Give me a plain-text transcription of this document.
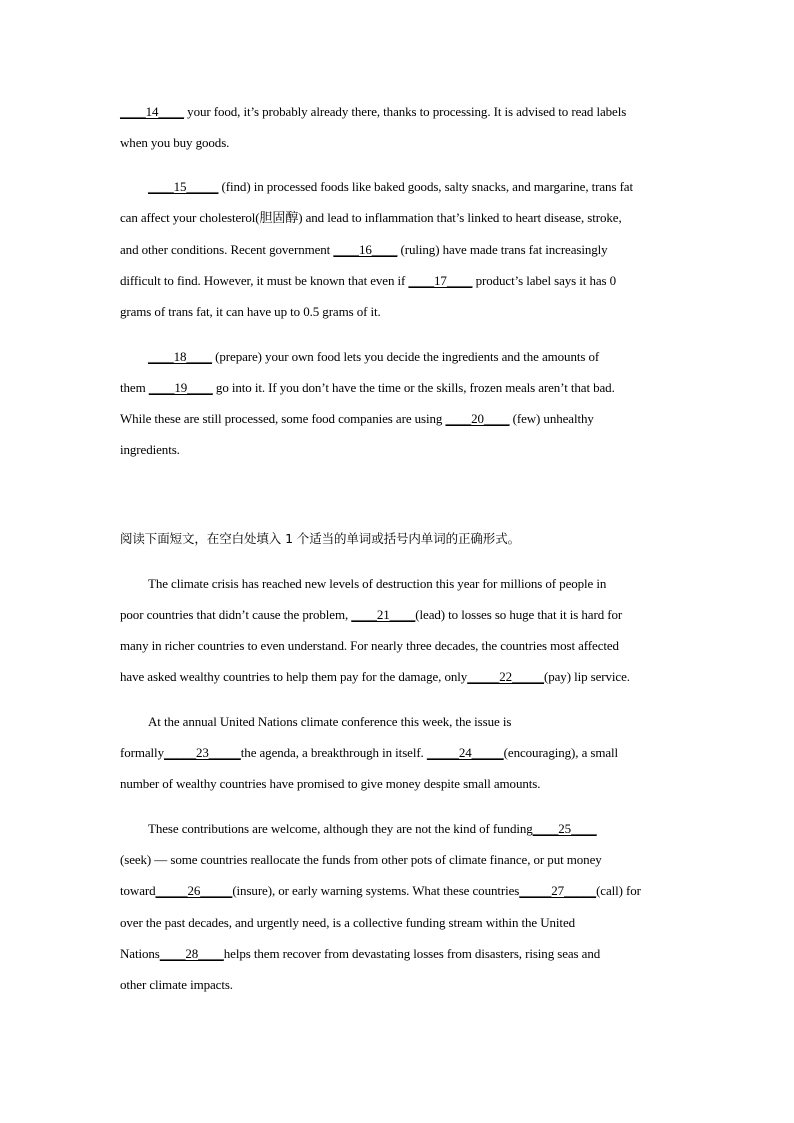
____14____ your food, it’s probably already there, thanks to processing. It is advised to read labels
when you buy goods.
____15_____ (find) in processed foods like baked goods, salty snacks, and margarine, trans fat
can affect your cholesterol(胆固醇) and lead to inflammation that’s linked to heart disease, stroke,
and other conditions. Recent government ____16____ (ruling) have made trans fat increasingly
difficult to find. However, it must be known that even if ____17____ product’s label says it has 0
grams of trans fat, it can have up to 0.5 grams of it.
____18____ (prepare) your own food lets you decide the ingredients and the amounts of
them ____19____ go into it. If you don’t have the time or the skills, frozen meals aren’t that bad.
While these are still processed, some food companies are using ____20____ (few) unhealthy
ingredients.
阅读下面短文，在空白处填入 1 个适当的单词或括号内单词的正确形式。
The climate crisis has reached new levels of destruction this year for millions of people in
poor countries that didn’t cause the problem, ____21____(lead) to losses so huge that it is hard for
many in richer countries to even understand. For nearly three decades, the countries most affected
have asked wealthy countries to help them pay for the damage, only_____22_____(pay) lip service.
At the annual United Nations climate conference this week, the issue is
formally_____23_____the agenda, a breakthrough in itself. _____24_____(encouraging), a small
number of wealthy countries have promised to give money despite small amounts.
These contributions are welcome, although they are not the kind of funding____25____
(seek) — some countries reallocate the funds from other pots of climate finance, or put money
toward_____26_____(insure), or early warning systems. What these countries_____27_____(call) for
over the past decades, and urgently need, is a collective funding stream within the United
Nations____28____helps them recover from devastating losses from disasters, rising seas and
other climate impacts.
